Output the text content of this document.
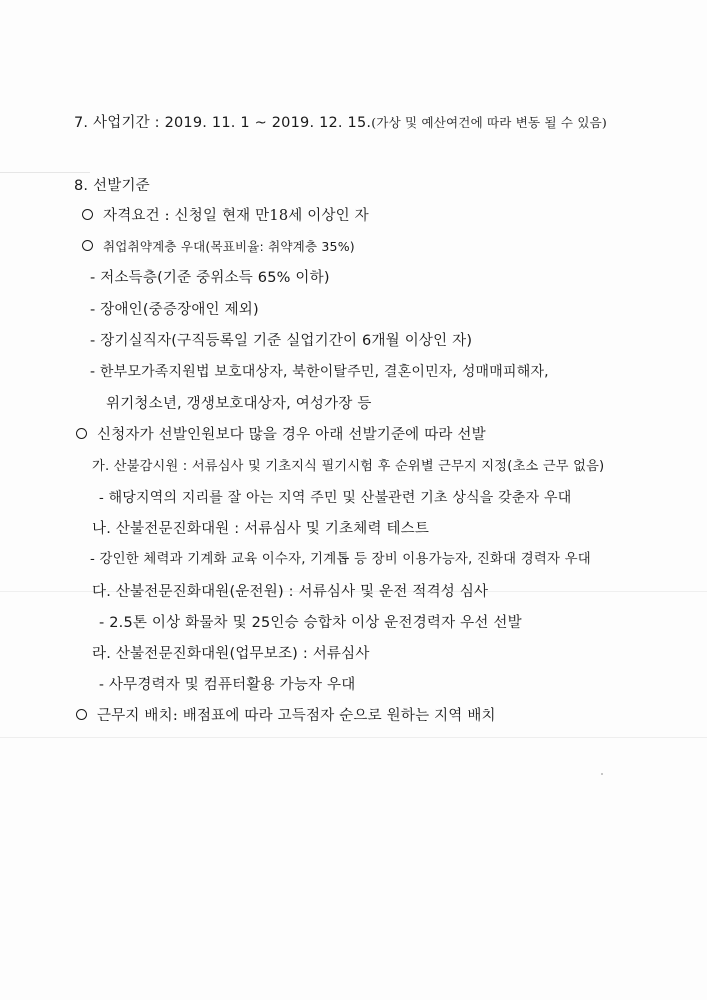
7. 사업기간 : 2019. 11. 1 ~ 2019. 12. 15.(가상 및 예산여건에 따라 변동 될 수 있음)
8. 선발기준
자격요건 : 신청일 현재 만18세 이상인 자
취업취약계층 우대(목표비율: 취약계층 35%)
- 저소득층(기준 중위소득 65% 이하)
- 장애인(중증장애인 제외)
- 장기실직자(구직등록일 기준 실업기간이 6개월 이상인 자)
- 한부모가족지원법 보호대상자, 북한이탈주민, 결혼이민자, 성매매피해자,
위기청소년, 갱생보호대상자, 여성가장 등
신청자가 선발인원보다 많을 경우 아래 선발기준에 따라 선발
가. 산불감시원 : 서류심사 및 기초지식 필기시험 후 순위별 근무지 지정(초소 근무 없음)
- 해당지역의 지리를 잘 아는 지역 주민 및 산불관련 기초 상식을 갖춘자 우대
나. 산불전문진화대원 : 서류심사 및 기초체력 테스트
- 강인한 체력과 기계화 교육 이수자, 기계톱 등 장비 이용가능자, 진화대 경력자 우대
다. 산불전문진화대원(운전원) : 서류심사 및 운전 적격성 심사
- 2.5톤 이상 화물차 및 25인승 승합차 이상 운전경력자 우선 선발
라. 산불전문진화대원(업무보조) : 서류심사
- 사무경력자 및 컴퓨터활용 가능자 우대
근무지 배치: 배점표에 따라 고득점자 순으로 원하는 지역 배치
